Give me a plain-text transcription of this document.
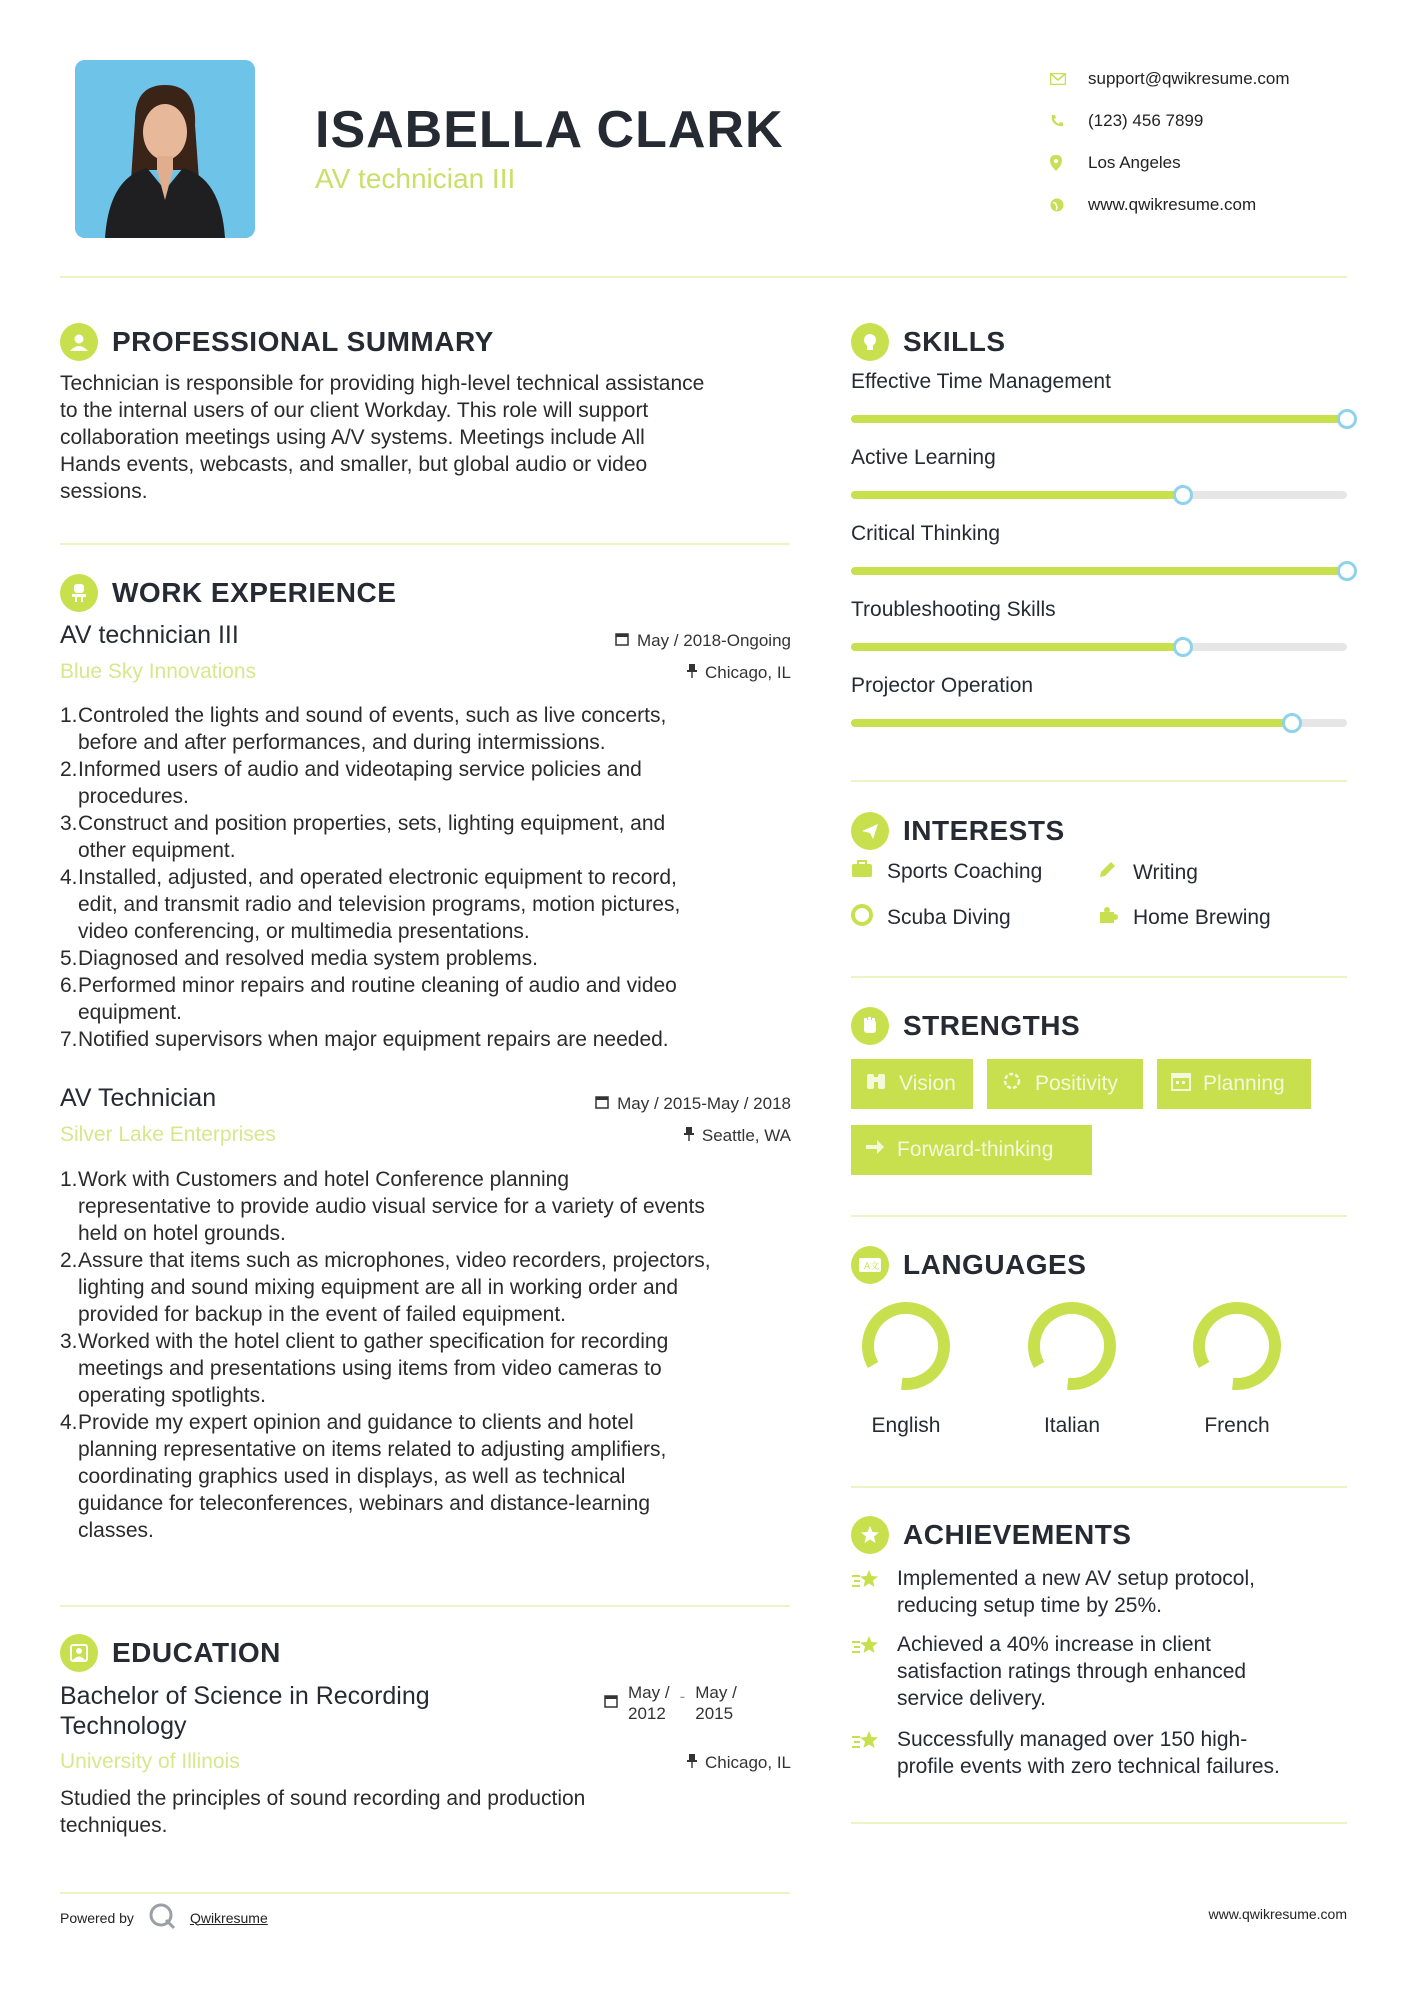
ISABELLA CLARK
AV technician III
support@qwikresume.com
(123) 456 7899
Los Angeles
www.qwikresume.com
PROFESSIONAL SUMMARY
Technician is responsible for providing high-level technical assistance
to the internal users of our client Workday. This role will support
collaboration meetings using A/V systems. Meetings include All
Hands events, webcasts, and smaller, but global audio or video
sessions.
WORK EXPERIENCE
AV technician III
Blue Sky Innovations
May / 2018-Ongoing
Chicago, IL
1. Controled the lights and sound of events, such as live concerts,
before and after performances, and during intermissions.
2. Informed users of audio and videotaping service policies and
procedures.
3. Construct and position properties, sets, lighting equipment, and
other equipment.
4. Installed, adjusted, and operated electronic equipment to record,
edit, and transmit radio and television programs, motion pictures,
video conferencing, or multimedia presentations.
5. Diagnosed and resolved media system problems.
6. Performed minor repairs and routine cleaning of audio and video
equipment.
7. Notified supervisors when major equipment repairs are needed.
AV Technician
Silver Lake Enterprises
May / 2015-May / 2018
Seattle, WA
1. Work with Customers and hotel Conference planning
representative to provide audio visual service for a variety of events
held on hotel grounds.
2. Assure that items such as microphones, video recorders, projectors,
lighting and sound mixing equipment are all in working order and
provided for backup in the event of failed equipment.
3. Worked with the hotel client to gather specification for recording
meetings and presentations using items from video cameras to
operating spotlights.
4. Provide my expert opinion and guidance to clients and hotel
planning representative on items related to adjusting amplifiers,
coordinating graphics used in displays, as well as technical
guidance for teleconferences, webinars and distance-learning
classes.
EDUCATION
Bachelor of Science in Recording
Technology
University of Illinois
May /
2012
- May /
2015
Chicago, IL
Studied the principles of sound recording and production
techniques.
SKILLS
Effective Time Management
Active Learning
Critical Thinking
Troubleshooting Skills
Projector Operation
INTERESTS
Sports Coaching	Writing
Scuba Diving	Home Brewing
STRENGTHS
Vision	Positivity	Planning
Forward-thinking
A文 LANGUAGES
English	Italian	French
ACHIEVEMENTS
Implemented a new AV setup protocol,
reducing setup time by 25%.
Achieved a 40% increase in client
satisfaction ratings through enhanced
service delivery.
Successfully managed over 150 high-
profile events with zero technical failures.
Powered by	Qwikresume	www.qwikresume.com
